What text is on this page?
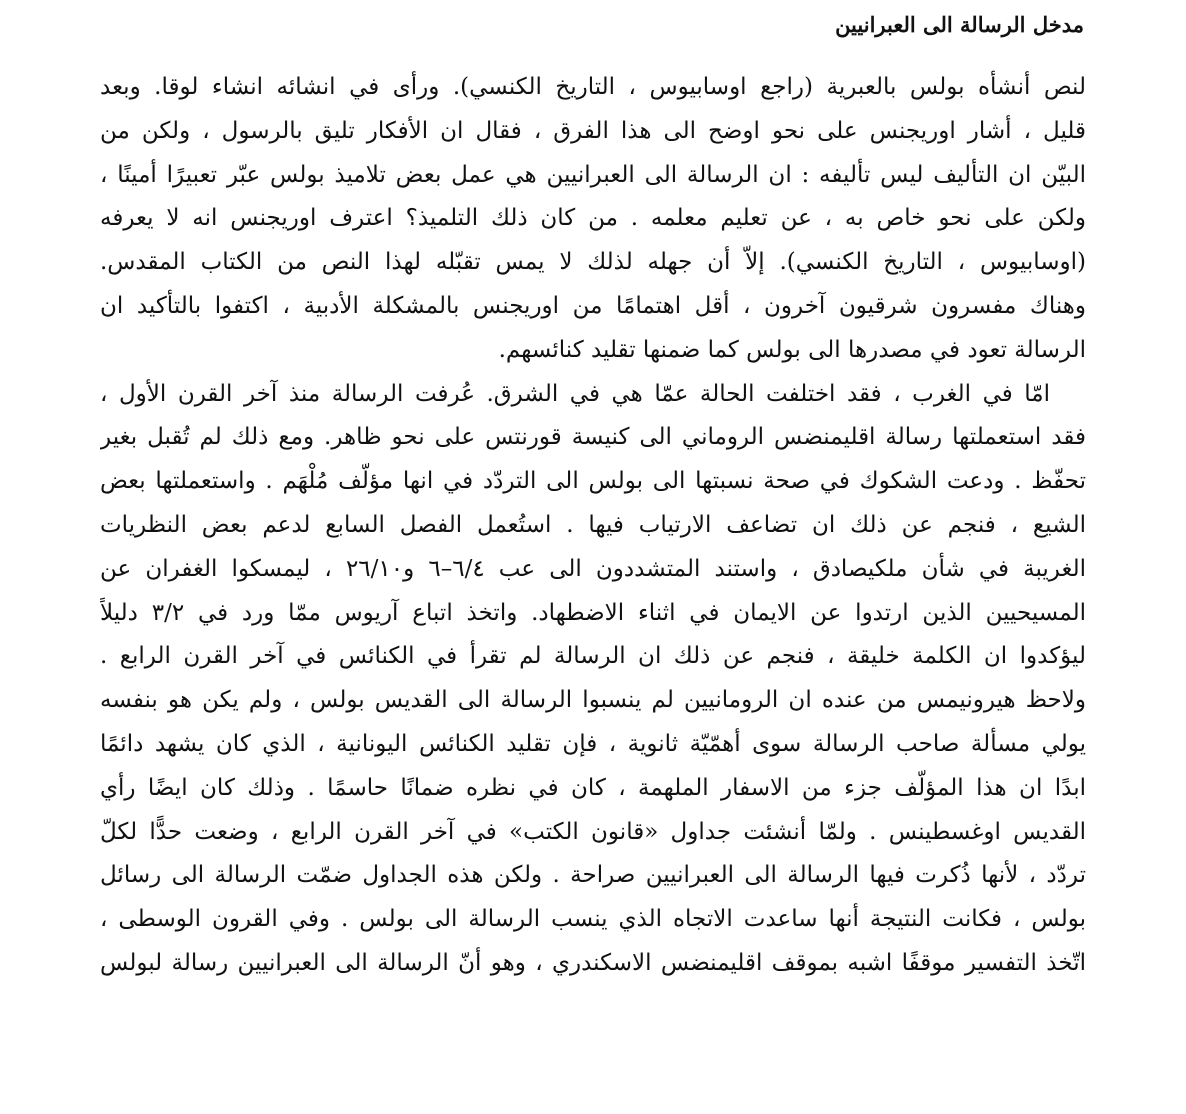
مدخل الرسالة الى العبرانيين
لنص أنشأه بولس بالعبرية (راجع اوسابيوس ، التاريخ الكنسي). ورأى في انشائه انشاء لوقا. وبعد
قليل ، أشار اوريجنس على نحو اوضح الى هذا الفرق ، فقال ان الأفكار تليق بالرسول ، ولكن من
البيّن ان التأليف ليس تأليفه : ان الرسالة الى العبرانيين هي عمل بعض تلاميذ بولس عبّر تعبيرًا أمينًا ،
ولكن على نحو خاص به ، عن تعليم معلمه . من كان ذلك التلميذ؟ اعترف اوريجنس انه لا يعرفه
(اوسابيوس ، التاريخ الكنسي). إلاّ أن جهله لذلك لا يمس تقبّله لهذا النص من الكتاب المقدس.
وهناك مفسرون شرقيون آخرون ، أقل اهتمامًا من اوريجنس بالمشكلة الأدبية ، اكتفوا بالتأكيد ان
الرسالة تعود في مصدرها الى بولس كما ضمنها تقليد كنائسهم.
امّا في الغرب ، فقد اختلفت الحالة عمّا هي في الشرق. عُرفت الرسالة منذ آخر القرن الأول ،
فقد استعملتها رسالة اقليمنضس الروماني الى كنيسة قورنتس على نحو ظاهر. ومع ذلك لم تُقبل بغير
تحفّظ . ودعت الشكوك في صحة نسبتها الى بولس الى التردّد في انها مؤلّف مُلْهَم . واستعملتها بعض
الشيع ، فنجم عن ذلك ان تضاعف الارتياب فيها . استُعمل الفصل السابع لدعم بعض النظريات
الغريبة في شأن ملكيصادق ، واستند المتشددون الى عب ٦/٤–٦ و٢٦/١٠ ، ليمسكوا الغفران عن
المسيحيين الذين ارتدوا عن الايمان في اثناء الاضطهاد. واتخذ اتباع آريوس ممّا ورد في ٣/٢ دليلاً
ليؤكدوا ان الكلمة خليقة ، فنجم عن ذلك ان الرسالة لم تقرأ في الكنائس في آخر القرن الرابع .
ولاحظ هيرونيمس من عنده ان الرومانيين لم ينسبوا الرسالة الى القديس بولس ، ولم يكن هو بنفسه
يولي مسألة صاحب الرسالة سوى أهمّيّة ثانوية ، فإن تقليد الكنائس اليونانية ، الذي كان يشهد دائمًا
ابدًا ان هذا المؤلّف جزء من الاسفار الملهمة ، كان في نظره ضمانًا حاسمًا . وذلك كان ايضًا رأي
القديس اوغسطينس . ولمّا أنشئت جداول «قانون الكتب» في آخر القرن الرابع ، وضعت حدًّا لكلّ
تردّد ، لأنها ذُكرت فيها الرسالة الى العبرانيين صراحة . ولكن هذه الجداول ضمّت الرسالة الى رسائل
بولس ، فكانت النتيجة أنها ساعدت الاتجاه الذي ينسب الرسالة الى بولس . وفي القرون الوسطى ،
اتّخذ التفسير موقفًا اشبه بموقف اقليمنضس الاسكندري ، وهو أنّ الرسالة الى العبرانيين رسالة لبولس
